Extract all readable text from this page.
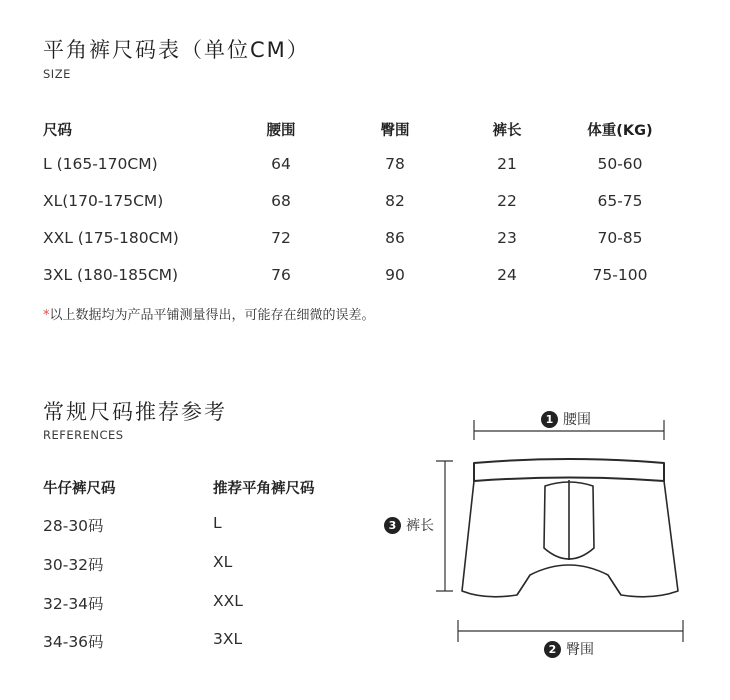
平角裤尺码表（单位CM）
SIZE
尺码	腰围	臀围	裤长	体重(KG)
L (165-170CM)	64	78	21	50-60
XL(170-175CM)	68	82	22	65-75
XXL (175-180CM)	72	86	23	70-85
3XL (180-185CM)	76	90	24	75-100
*以上数据均为产品平铺测量得出，可能存在细微的误差。
常规尺码推荐参考
REFERENCES
牛仔裤尺码	推荐平角裤尺码
28-30码	L
30-32码	XL
32-34码	XXL
34-36码	3XL
1 腰围
2 臀围
3 裤长
